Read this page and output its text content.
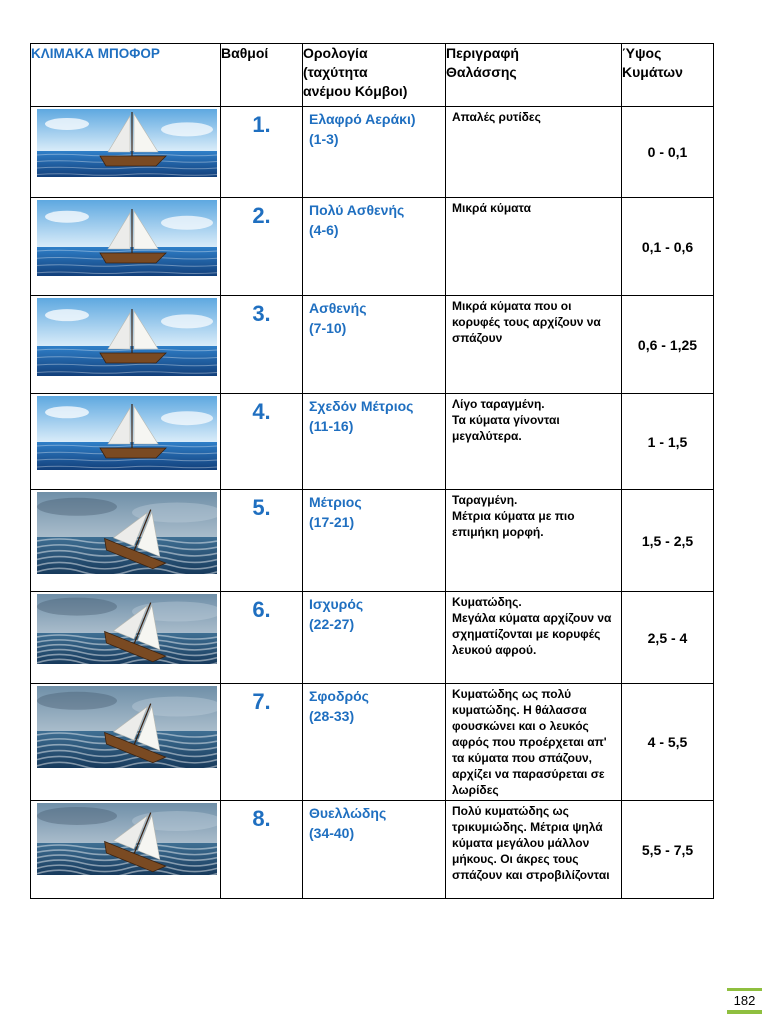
ΚΛΙΜΑΚΑ ΜΠΟΦΟΡ	Βαθμοί	Ορολογία
(ταχύτητα
ανέμου Κόμβοι)	Περιγραφή
Θαλάσσης	Ύψος
Κυμάτων

	1.	Ελαφρό Αεράκι)
(1-3)	Απαλές ρυτίδες	0 - 0,1

	2.	Πολύ Ασθενής
(4-6)	Μικρά κύματα	0,1 - 0,6

	3.	Ασθενής
(7-10)	Μικρά κύματα που οι κορυφές τους αρχίζουν να σπάζουν	0,6 - 1,25

	4.	Σχεδόν Μέτριος
(11-16)	Λίγο ταραγμένη.
Τα κύματα γίνονται μεγαλύτερα.	1 - 1,5

	5.	Μέτριος
(17-21)	Ταραγμένη.
Μέτρια κύματα με πιο επιμήκη μορφή.	1,5 - 2,5

	6.	Ισχυρός
(22-27)	Κυματώδης.
Μεγάλα κύματα αρχίζουν να σχηματίζονται με κορυφές λευκού αφρού.	2,5 - 4

	7.	Σφοδρός
(28-33)	Κυματώδης ως πολύ κυματώδης. Η θάλασσα φουσκώνει και ο λευκός αφρός που προέρχεται απ' τα κύματα που σπάζουν, αρχίζει να παρασύρεται σε λωρίδες	4 - 5,5

	8.	Θυελλώδης
(34-40)	Πολύ κυματώδης ως τρικυμιώδης. Μέτρια ψηλά κύματα μεγάλου μάλλον μήκους. Οι άκρες τους σπάζουν και στροβιλίζονται	5,5 - 7,5
182
